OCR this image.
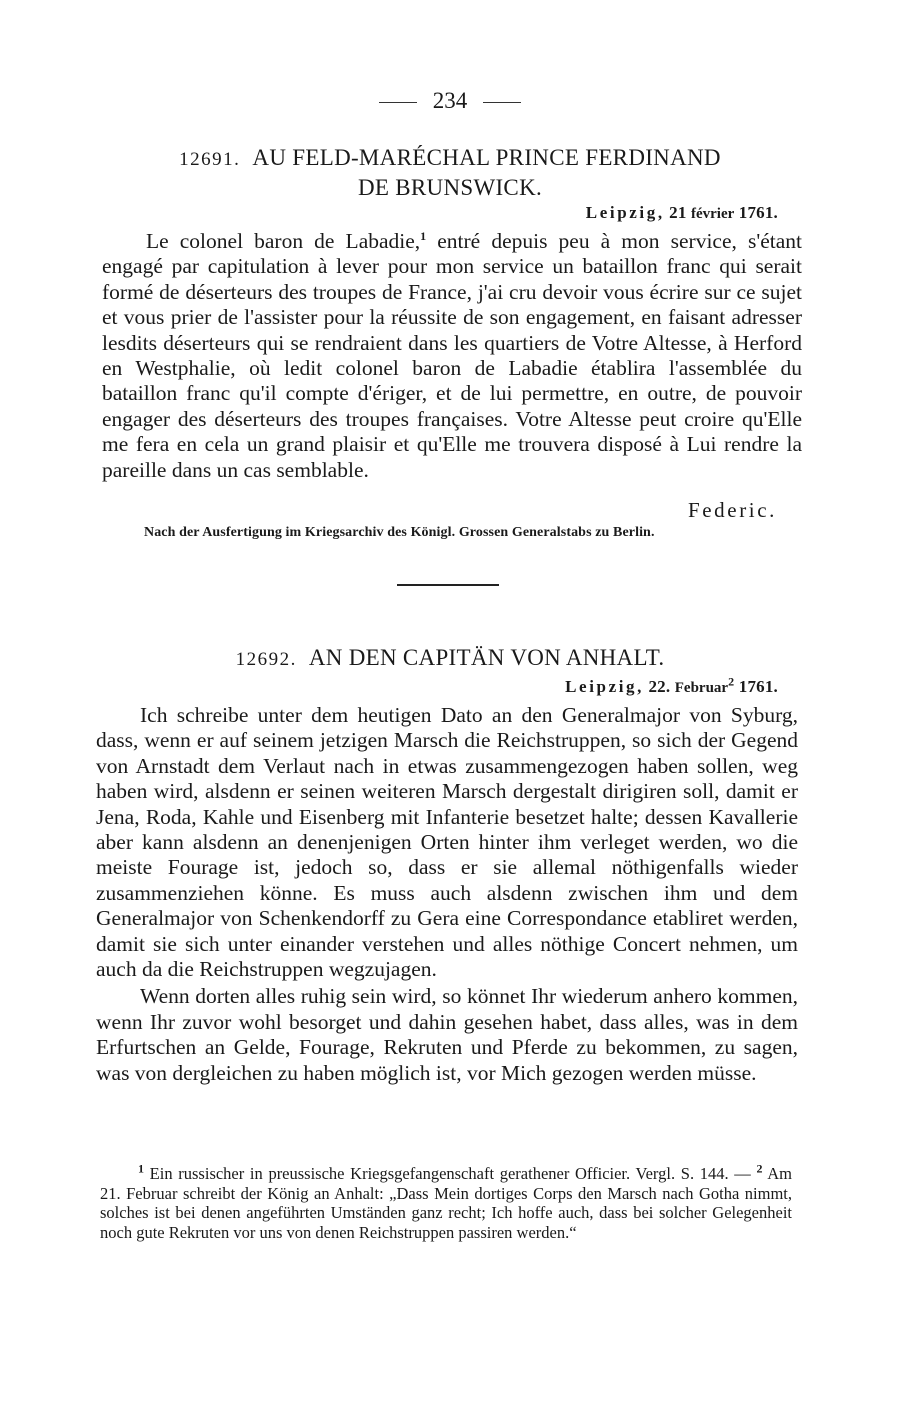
234
12691. AU FELD-MARÉCHAL PRINCE FERDINAND
DE BRUNSWICK.
Leipzig, 21 février 1761.

Le colonel baron de Labadie,$^1$ entré depuis peu à mon service, s'étant engagé par capitulation à lever pour mon service un bataillon franc qui serait formé de déserteurs des troupes de France, j'ai cru devoir vous écrire sur ce sujet et vous prier de l'assister pour la réussite de son engagement, en faisant adresser lesdits déserteurs qui se rendraient dans les quartiers de Votre Altesse, à Herford en Westphalie, où ledit colonel baron de Labadie établira l'assemblée du bataillon franc qu'il compte d'ériger, et de lui permettre, en outre, de pouvoir engager des déserteurs des troupes françaises. Votre Altesse peut croire qu'Elle me fera en cela un grand plaisir et qu'Elle me trouvera disposé à Lui rendre la pareille dans un cas semblable.

Federic.
Nach der Ausfertigung im Kriegsarchiv des Königl. Grossen Generalstabs zu Berlin.
12692. AN DEN CAPITÄN VON ANHALT.
Leipzig, 22. Februar$^2$ 1761.

Ich schreibe unter dem heutigen Dato an den Generalmajor von Syburg, dass, wenn er auf seinem jetzigen Marsch die Reichstruppen, so sich der Gegend von Arnstadt dem Verlaut nach in etwas zusammengezogen haben sollen, weg haben wird, alsdenn er seinen weiteren Marsch dergestalt dirigiren soll, damit er Jena, Roda, Kahle und Eisenberg mit Infanterie besetzet halte; dessen Kavallerie aber kann alsdenn an denenjenigen Orten hinter ihm verleget werden, wo die meiste Fourage ist, jedoch so, dass er sie allemal nöthigenfalls wieder zusammenziehen könne. Es muss auch alsdenn zwischen ihm und dem Generalmajor von Schenkendorff zu Gera eine Correspondance etabliret werden, damit sie sich unter einander verstehen und alles nöthige Concert nehmen, um auch da die Reichstruppen wegzujagen.

Wenn dorten alles ruhig sein wird, so könnet Ihr wiederum anhero kommen, wenn Ihr zuvor wohl besorget und dahin gesehen habet, dass alles, was in dem Erfurtschen an Gelde, Fourage, Rekruten und Pferde zu bekommen, zu sagen, was von dergleichen zu haben möglich ist, vor Mich gezogen werden müsse.

$^1$ Ein russischer in preussische Kriegsgefangenschaft gerathener Officier. Vergl. S. 144. — $^2$ Am 21. Februar schreibt der König an Anhalt: „Dass Mein dortiges Corps den Marsch nach Gotha nimmt, solches ist bei denen angeführten Umständen ganz recht; Ich hoffe auch, dass bei solcher Gelegenheit noch gute Rekruten vor uns von denen Reichstruppen passiren werden.“
